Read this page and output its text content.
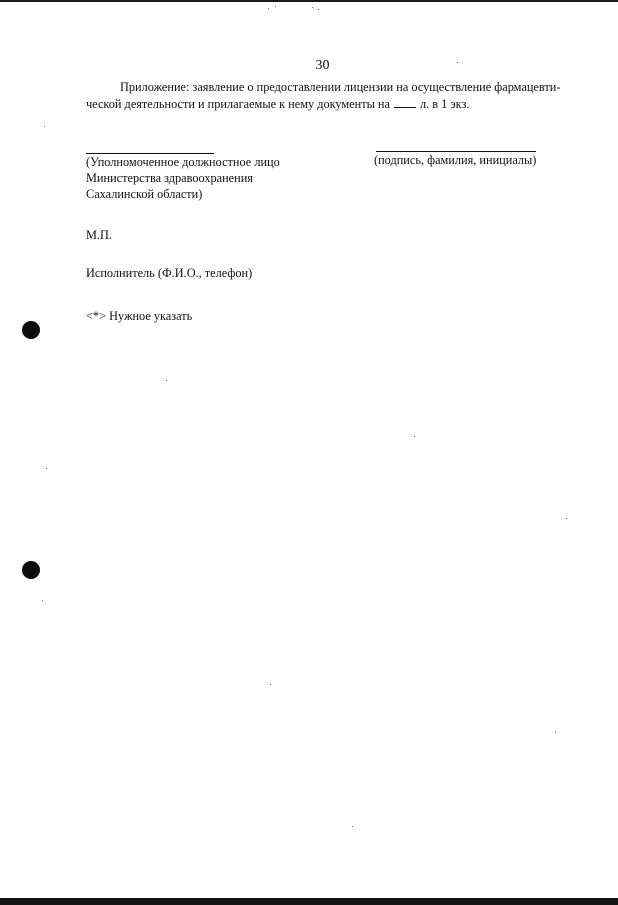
30
Приложение: заявление о предоставлении лицензии на осуществление фармацевти-
ческой деятельности и прилагаемые к нему документы на л. в 1 экз.
(Уполномоченное должностное лицо
Министерства здравоохранения
Сахалинской области)
(подпись, фамилия, инициалы)
М.П.
Исполнитель (Ф.И.О., телефон)
<*> Нужное указать
